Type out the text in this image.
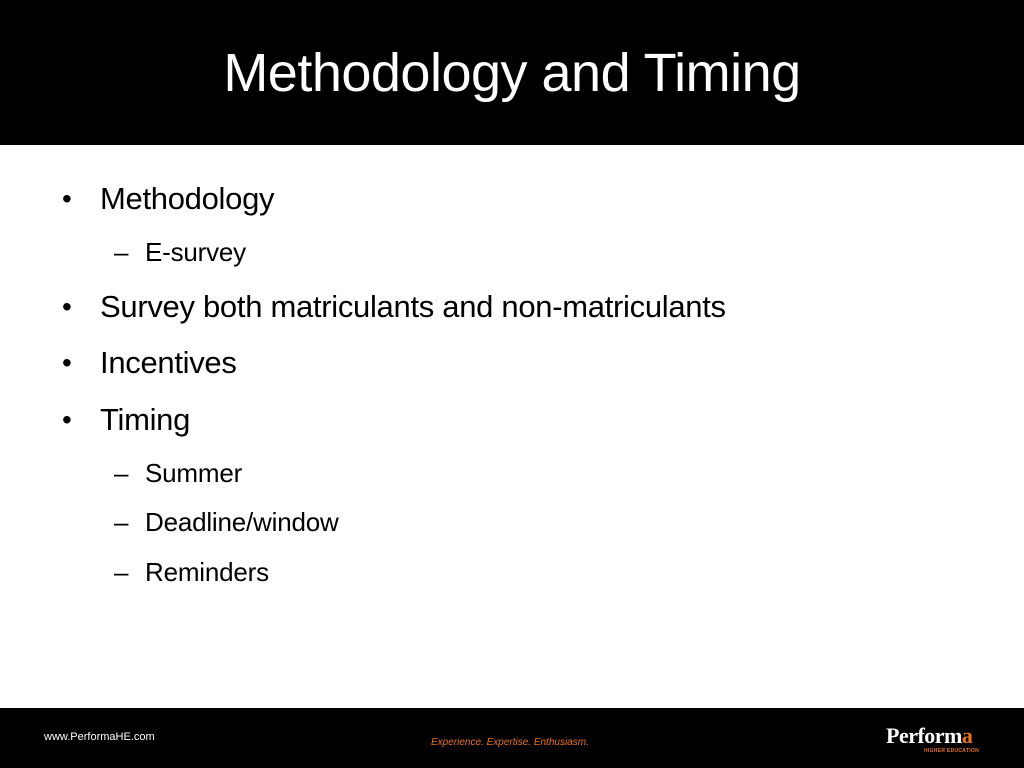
Methodology and Timing
• Methodology
– E-survey
• Survey both matriculants and non-matriculants
• Incentives
• Timing
– Summer
– Deadline/window
– Reminders
www.PerformaHE.com	Experience. Expertise. Enthusiasm.	Performa
HIGHER EDUCATION
